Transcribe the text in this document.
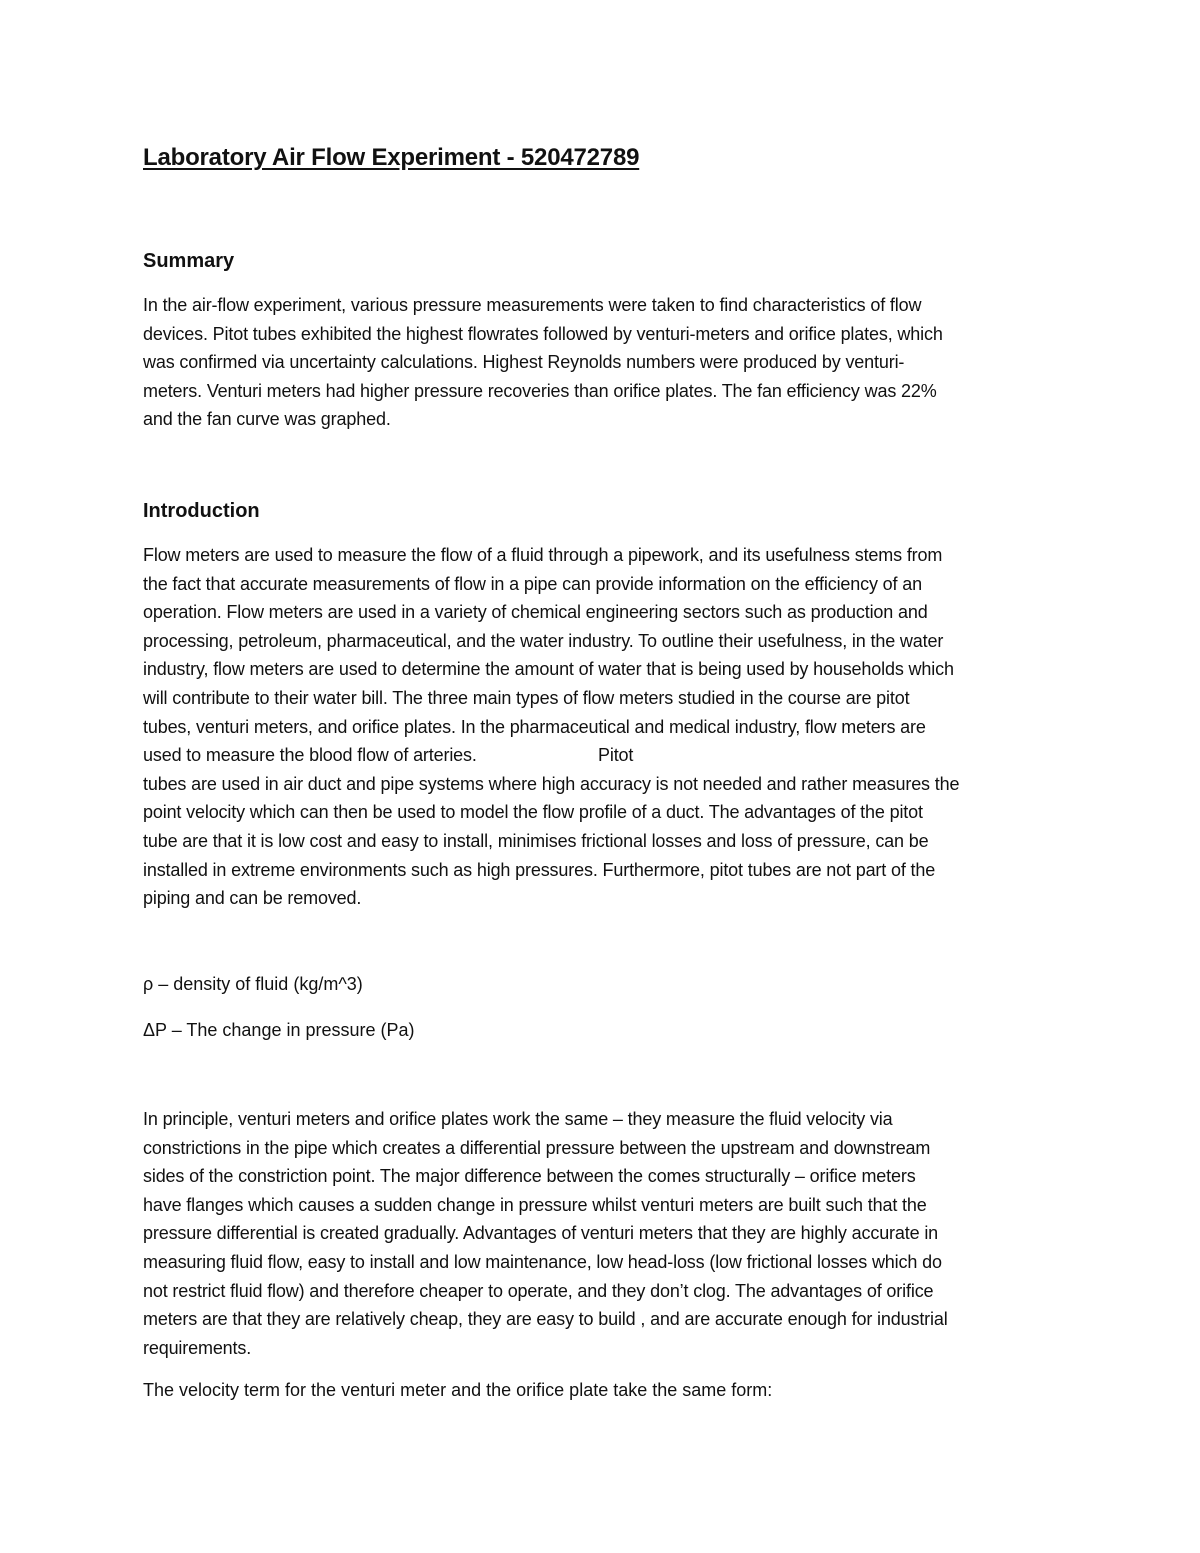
Laboratory Air Flow Experiment - 520472789
Summary
In the air-flow experiment, various pressure measurements were taken to find characteristics of flow
devices. Pitot tubes exhibited the highest flowrates followed by venturi-meters and orifice plates, which
was confirmed via uncertainty calculations. Highest Reynolds numbers were produced by venturi-
meters. Venturi meters had higher pressure recoveries than orifice plates. The fan efficiency was 22%
and the fan curve was graphed.
Introduction
Flow meters are used to measure the flow of a fluid through a pipework, and its usefulness stems from
the fact that accurate measurements of flow in a pipe can provide information on the efficiency of an
operation. Flow meters are used in a variety of chemical engineering sectors such as production and
processing, petroleum, pharmaceutical, and the water industry. To outline their usefulness, in the water
industry, flow meters are used to determine the amount of water that is being used by households which
will contribute to their water bill. The three main types of flow meters studied in the course are pitot
tubes, venturi meters, and orifice plates. In the pharmaceutical and medical industry, flow meters are
used to measure the blood flow of arteries.	Pitot
tubes are used in air duct and pipe systems where high accuracy is not needed and rather measures the
point velocity which can then be used to model the flow profile of a duct. The advantages of the pitot
tube are that it is low cost and easy to install, minimises frictional losses and loss of pressure, can be
installed in extreme environments such as high pressures. Furthermore, pitot tubes are not part of the
piping and can be removed.

ρ – density of fluid (kg/m^3)

ΔP – The change in pressure (Pa)

In principle, venturi meters and orifice plates work the same – they measure the fluid velocity via
constrictions in the pipe which creates a differential pressure between the upstream and downstream
sides of the constriction point. The major difference between the comes structurally – orifice meters
have flanges which causes a sudden change in pressure whilst venturi meters are built such that the
pressure differential is created gradually. Advantages of venturi meters that they are highly accurate in
measuring fluid flow, easy to install and low maintenance, low head-loss (low frictional losses which do
not restrict fluid flow) and therefore cheaper to operate, and they don’t clog. The advantages of orifice
meters are that they are relatively cheap, they are easy to build , and are accurate enough for industrial
requirements.

The velocity term for the venturi meter and the orifice plate take the same form:
